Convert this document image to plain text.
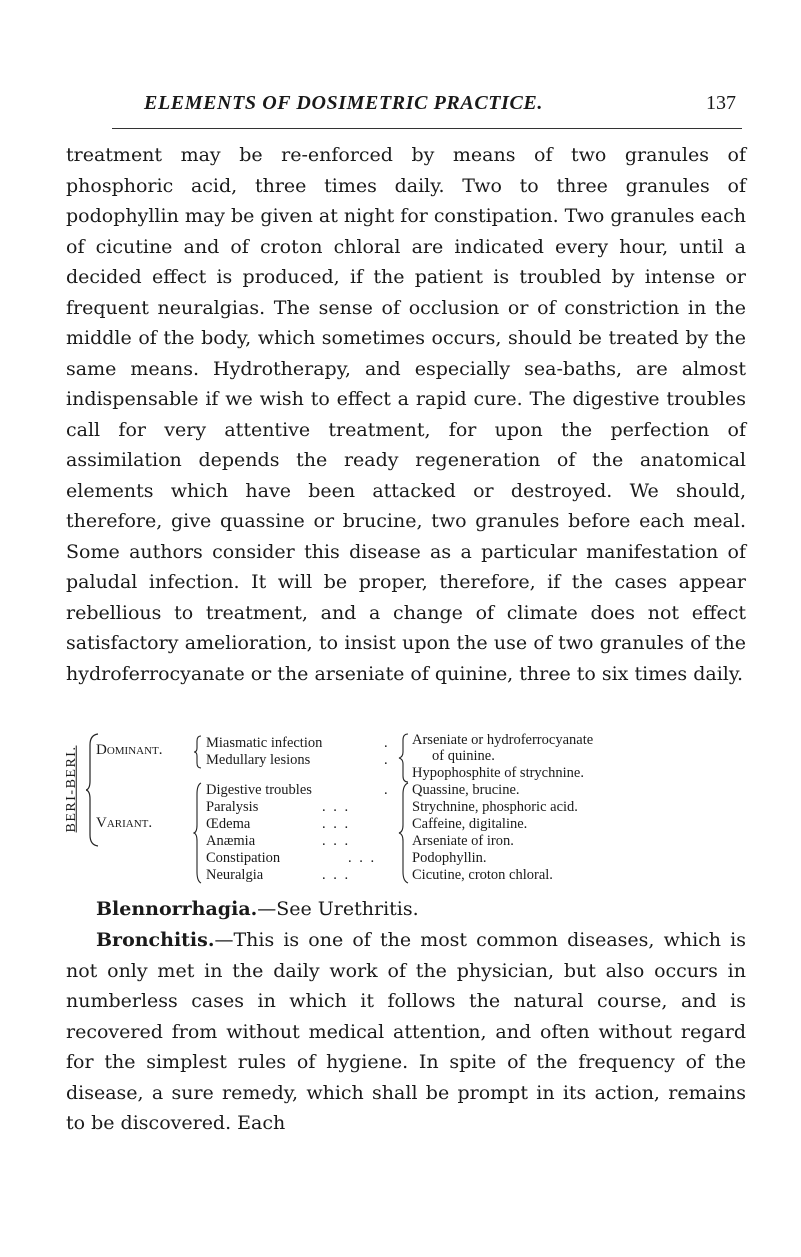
ELEMENTS OF DOSIMETRIC PRACTICE.	137

treatment may be re-enforced by means of two granules of phosphoric acid, three times daily. Two to three granules of podophyllin may be given at night for constipation. Two granules each of cicutine and of croton chloral are indicated every hour, until a decided effect is produced, if the patient is troubled by intense or frequent neuralgias. The sense of occlusion or of constriction in the middle of the body, which sometimes occurs, should be treated by the same means. Hydrotherapy, and especially sea-baths, are almost indispensable if we wish to effect a rapid cure. The digestive troubles call for very attentive treatment, for upon the perfection of assimilation depends the ready regeneration of the anatomical elements which have been attacked or destroyed. We should, therefore, give quassine or brucine, two granules before each meal. Some authors consider this disease as a particular manifestation of paludal infection. It will be proper, therefore, if the cases appear rebellious to treatment, and a change of climate does not effect satisfactory amelioration, to insist upon the use of two granules of the hydroferrocyanate or the arseniate of quinine, three to six times daily.

BERI-BERI. Dominant.	Miasmatic infection
Medullary lesions
.
.
Arseniate or hydroferrocyanate
of quinine.
Hypophosphite of strychnine.
Variant.
Digestive troubles
Paralysis
Œdema
Anæmia
Constipation
Neuralgia
.
. . .
. . .
. . .
. . .
. . .
Quassine, brucine.
Strychnine, phosphoric acid.
Caffeine, digitaline.
Arseniate of iron.
Podophyllin.
Cicutine, croton chloral.

Blennorrhagia.—See Urethritis.

Bronchitis.—This is one of the most common diseases, which is not only met in the daily work of the physician, but also occurs in numberless cases in which it follows the natural course, and is recovered from without medical attention, and often without regard for the simplest rules of hygiene. In spite of the frequency of the disease, a sure remedy, which shall be prompt in its action, remains to be discovered. Each
